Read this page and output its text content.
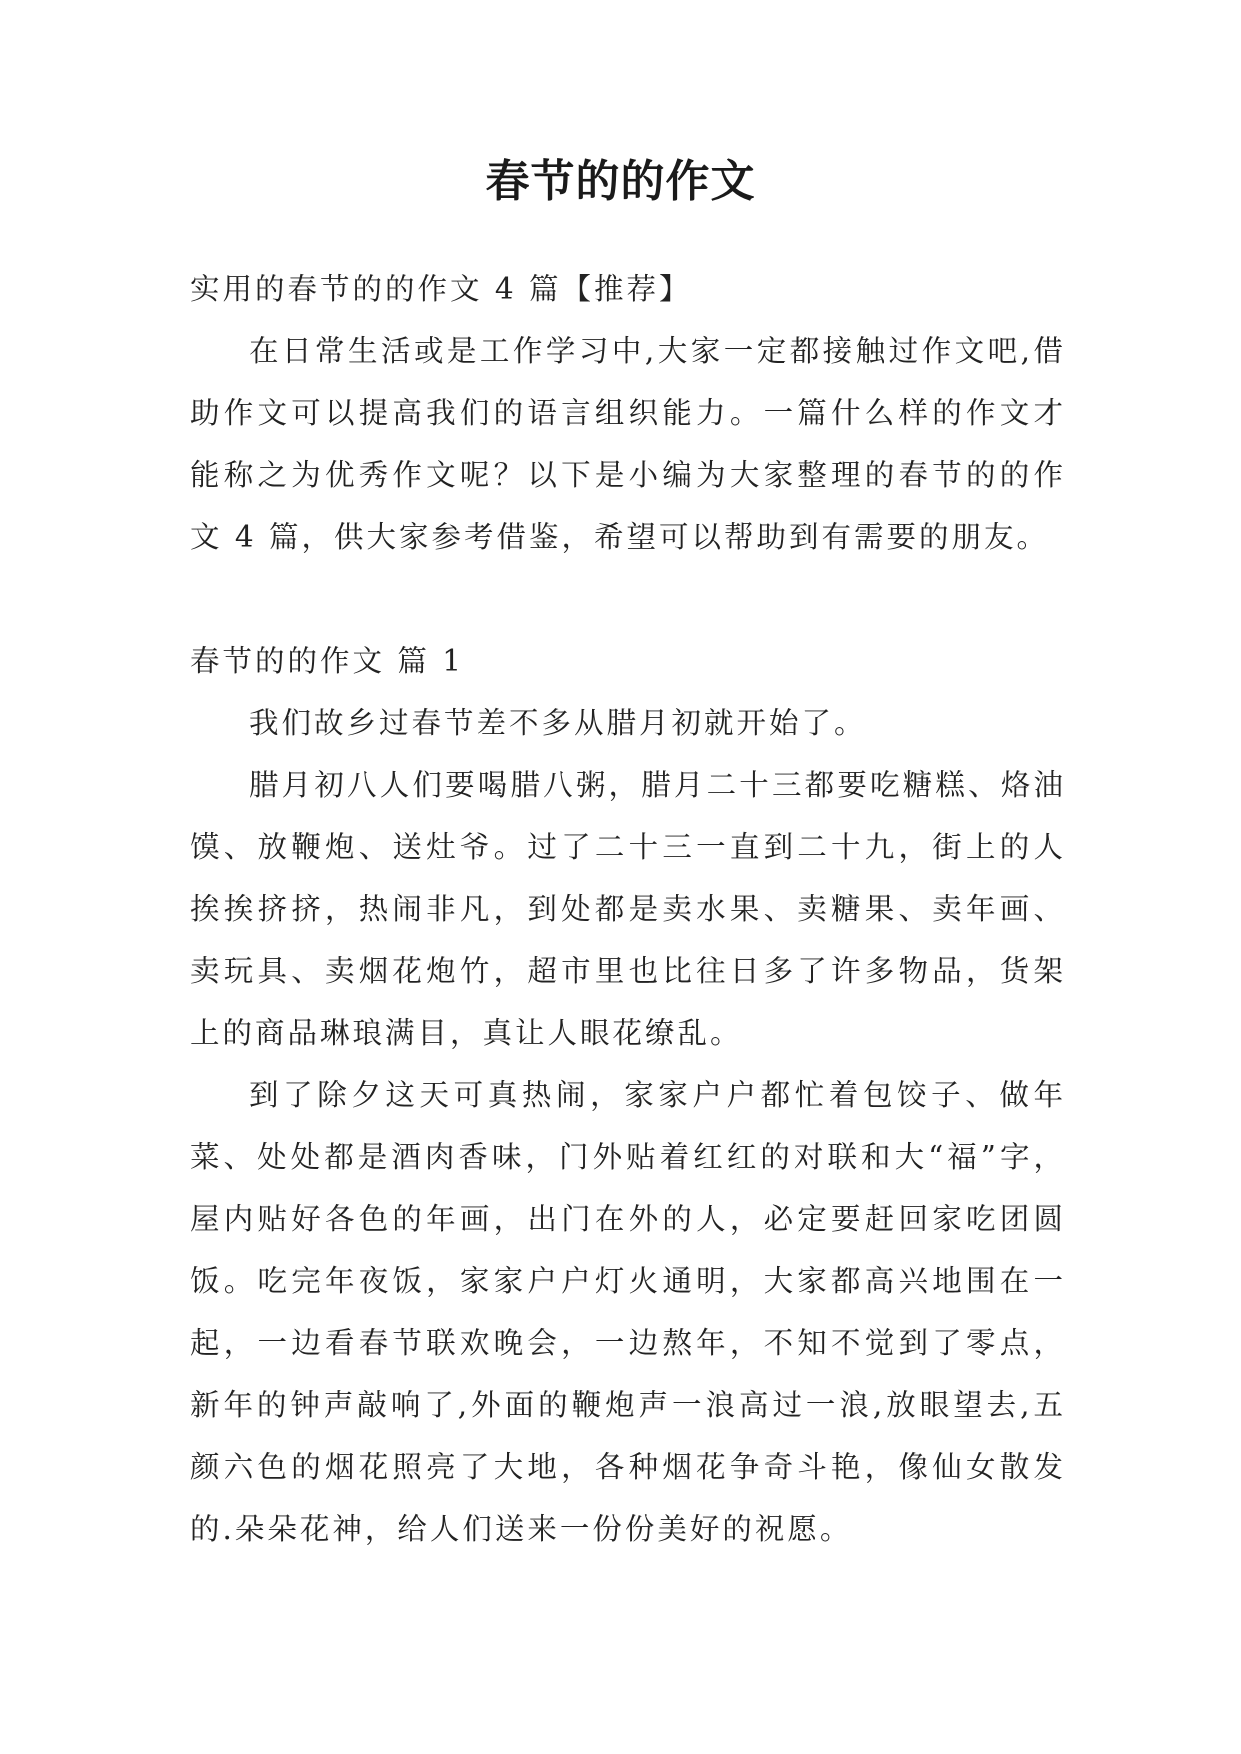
春节的的作文

实用的春节的的作文 4 篇【推荐】

在日常生活或是工作学习中,大家一定都接触过作文吧,借助作文可以提高我们的语言组织能力。一篇什么样的作文才能称之为优秀作文呢？以下是小编为大家整理的春节的的作文 4 篇，供大家参考借鉴，希望可以帮助到有需要的朋友。

春节的的作文 篇 1

我们故乡过春节差不多从腊月初就开始了。

腊月初八人们要喝腊八粥，腊月二十三都要吃糖糕、烙油馍、放鞭炮、送灶爷。过了二十三一直到二十九，街上的人挨挨挤挤，热闹非凡，到处都是卖水果、卖糖果、卖年画、卖玩具、卖烟花炮竹，超市里也比往日多了许多物品，货架上的商品琳琅满目，真让人眼花缭乱。

到了除夕这天可真热闹，家家户户都忙着包饺子、做年菜、处处都是酒肉香味，门外贴着红红的对联和大“福”字，屋内贴好各色的年画，出门在外的人，必定要赶回家吃团圆饭。吃完年夜饭，家家户户灯火通明，大家都高兴地围在一起，一边看春节联欢晚会，一边熬年，不知不觉到了零点，新年的钟声敲响了,外面的鞭炮声一浪高过一浪,放眼望去,五颜六色的烟花照亮了大地，各种烟花争奇斗艳，像仙女散发的.朵朵花神，给人们送来一份份美好的祝愿。
